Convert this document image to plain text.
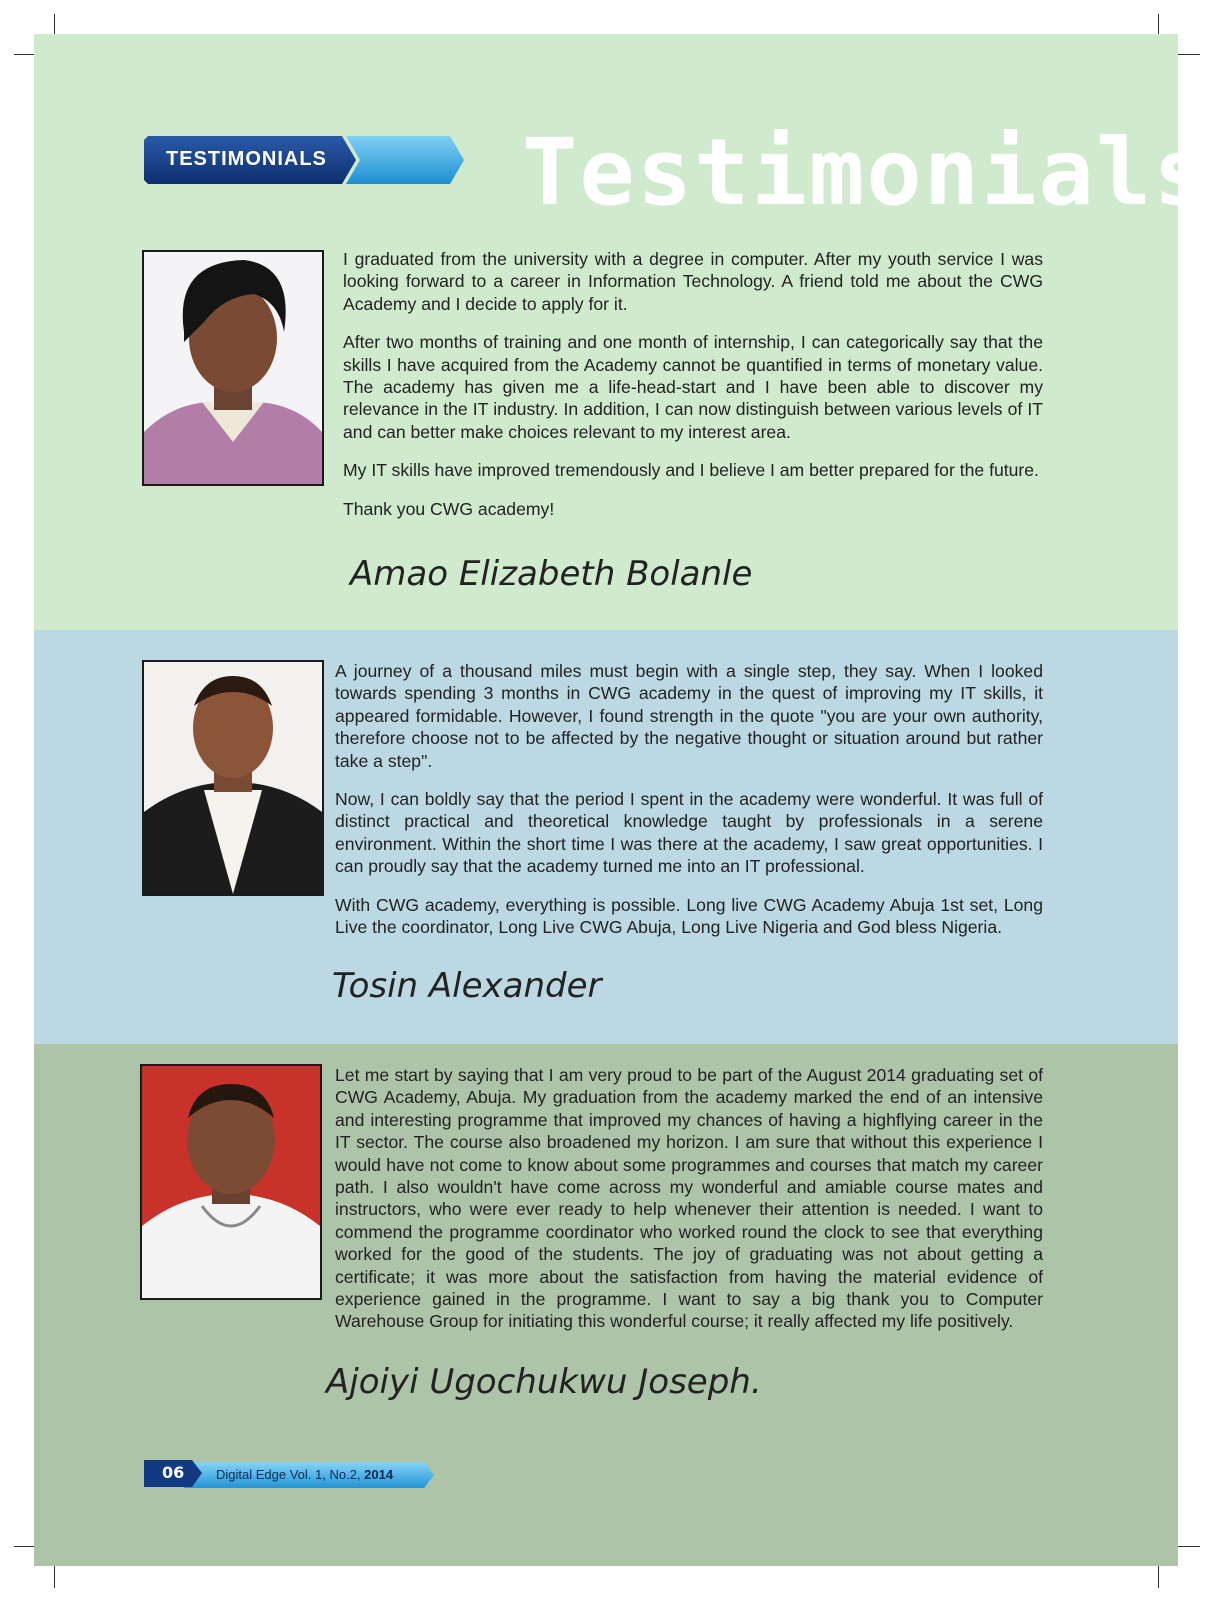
TESTIMONIALS Testimonials

I graduated from the university with a degree in computer. After my youth service I was looking forward to a career in Information Technology. A friend told me about the CWG Academy and I decide to apply for it.

After two months of training and one month of internship, I can categorically say that the skills I have acquired from the Academy cannot be quantified in terms of monetary value. The academy has given me a life-head-start and I have been able to discover my relevance in the IT industry. In addition, I can now distinguish between various levels of IT and can better make choices relevant to my interest area.

My IT skills have improved tremendously and I believe I am better prepared for the future.

Thank you CWG academy!

Amao Elizabeth Bolanle

A journey of a thousand miles must begin with a single step, they say. When I looked towards spending 3 months in CWG academy in the quest of improving my IT skills, it appeared formidable. However, I found strength in the quote "you are your own authority, therefore choose not to be affected by the negative thought or situation around but rather take a step".

Now, I can boldly say that the period I spent in the academy were wonderful. It was full of distinct practical and theoretical knowledge taught by professionals in a serene environment. Within the short time I was there at the academy, I saw great opportunities. I can proudly say that the academy turned me into an IT professional.

With CWG academy, everything is possible. Long live CWG Academy Abuja 1st set, Long Live the coordinator, Long Live CWG Abuja, Long Live Nigeria and God bless Nigeria.

Tosin Alexander

Let me start by saying that I am very proud to be part of the August 2014 graduating set of CWG Academy, Abuja. My graduation from the academy marked the end of an intensive and interesting programme that improved my chances of having a highflying career in the IT sector. The course also broadened my horizon. I am sure that without this experience I would have not come to know about some programmes and courses that match my career path. I also wouldn't have come across my wonderful and amiable course mates and instructors, who were ever ready to help whenever their attention is needed. I want to commend the programme coordinator who worked round the clock to see that everything worked for the good of the students. The joy of graduating was not about getting a certificate; it was more about the satisfaction from having the material evidence of experience gained in the programme. I want to say a big thank you to Computer Warehouse Group for initiating this wonderful course; it really affected my life positively.

Ajoiyi Ugochukwu Joseph.
06 Digital Edge Vol. 1, No.2, 2014
